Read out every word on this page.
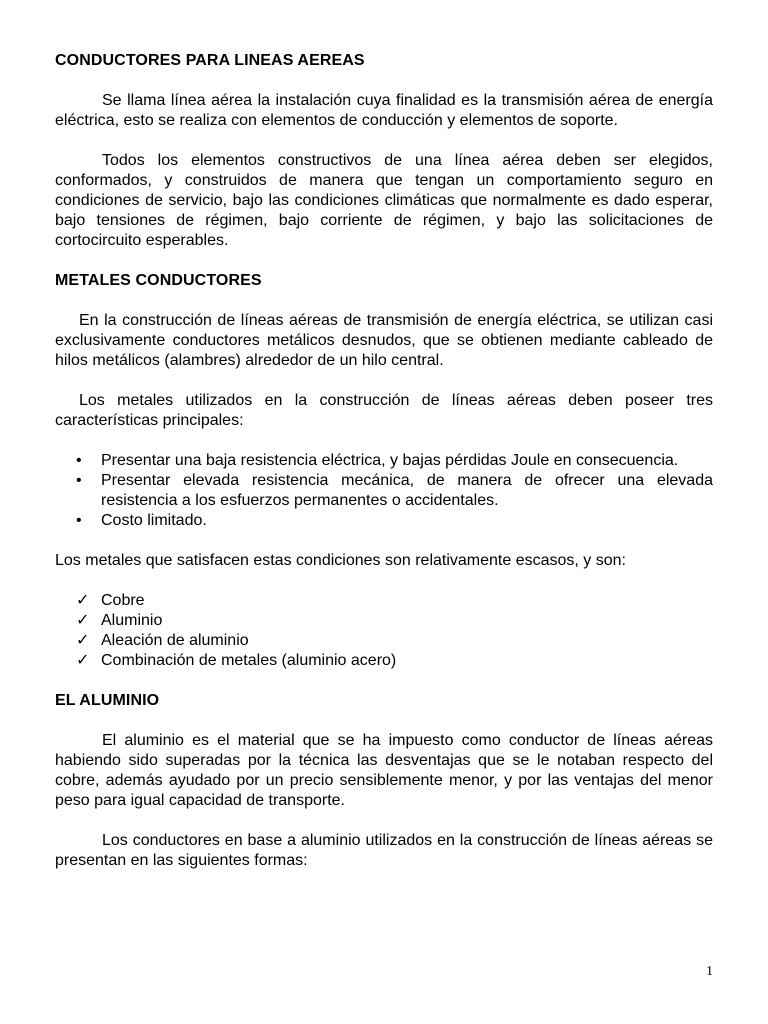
CONDUCTORES PARA LINEAS AEREAS

Se llama línea aérea la instalación cuya finalidad es la transmisión aérea de energía eléctrica, esto se realiza con elementos de conducción y elementos de soporte.

Todos los elementos constructivos de una línea aérea deben ser elegidos, conformados, y construidos de manera que tengan un comportamiento seguro en condiciones de servicio, bajo las condiciones climáticas que normalmente es dado esperar, bajo tensiones de régimen, bajo corriente de régimen, y bajo las solicitaciones de cortocircuito esperables.

METALES CONDUCTORES

En la construcción de líneas aéreas de transmisión de energía eléctrica, se utilizan casi exclusivamente conductores metálicos desnudos, que se obtienen mediante cableado de hilos metálicos (alambres) alrededor de un hilo central.

Los metales utilizados en la construcción de líneas aéreas deben poseer tres características principales:

• Presentar una baja resistencia eléctrica, y bajas pérdidas Joule en consecuencia.
• Presentar elevada resistencia mecánica, de manera de ofrecer una elevada resistencia a los esfuerzos permanentes o accidentales.
• Costo limitado.

Los metales que satisfacen estas condiciones son relativamente escasos, y son:

✓ Cobre
✓ Aluminio
✓ Aleación de aluminio
✓ Combinación de metales (aluminio acero)
EL ALUMINIO

El aluminio es el material que se ha impuesto como conductor de líneas aéreas habiendo sido superadas por la técnica las desventajas que se le notaban respecto del cobre, además ayudado por un precio sensiblemente menor, y por las ventajas del menor peso para igual capacidad de transporte.

Los conductores en base a aluminio utilizados en la construcción de líneas aéreas se presentan en las siguientes formas:

1
